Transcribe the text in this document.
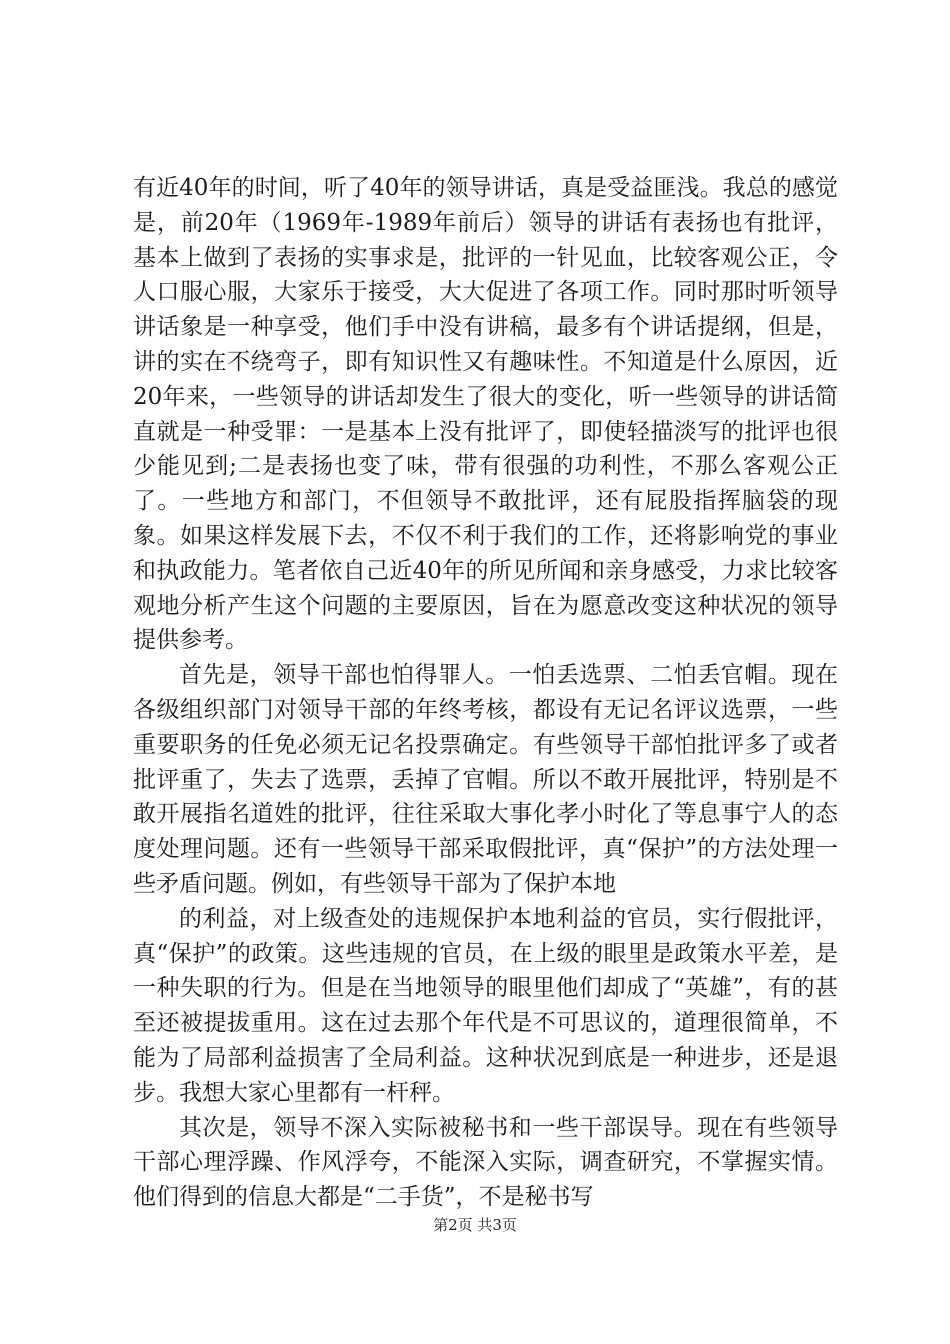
有近40年的时间，听了40年的领导讲话，真是受益匪浅。我总的感觉是，前20年（1969年-1989年前后）领导的讲话有表扬也有批评，基本上做到了表扬的实事求是，批评的一针见血，比较客观公正，令人口服心服，大家乐于接受，大大促进了各项工作。同时那时听领导讲话象是一种享受，他们手中没有讲稿，最多有个讲话提纲，但是，讲的实在不绕弯子，即有知识性又有趣味性。不知道是什么原因，近20年来，一些领导的讲话却发生了很大的变化，听一些领导的讲话简直就是一种受罪：一是基本上没有批评了，即使轻描淡写的批评也很少能见到;二是表扬也变了味，带有很强的功利性，不那么客观公正了。一些地方和部门，不但领导不敢批评，还有屁股指挥脑袋的现象。如果这样发展下去，不仅不利于我们的工作，还将影响党的事业和执政能力。笔者依自己近40年的所见所闻和亲身感受，力求比较客观地分析产生这个问题的主要原因，旨在为愿意改变这种状况的领导提供参考。

首先是，领导干部也怕得罪人。一怕丢选票、二怕丢官帽。现在各级组织部门对领导干部的年终考核，都设有无记名评议选票，一些重要职务的任免必须无记名投票确定。有些领导干部怕批评多了或者批评重了，失去了选票，丢掉了官帽。所以不敢开展批评，特别是不敢开展指名道姓的批评，往往采取大事化孝小时化了等息事宁人的态度处理问题。还有一些领导干部采取假批评，真“保护”的方法处理一些矛盾问题。例如，有些领导干部为了保护本地

的利益，对上级查处的违规保护本地利益的官员，实行假批评，真“保护”的政策。这些违规的官员，在上级的眼里是政策水平差，是一种失职的行为。但是在当地领导的眼里他们却成了“英雄”，有的甚至还被提拔重用。这在过去那个年代是不可思议的，道理很简单，不能为了局部利益损害了全局利益。这种状况到底是一种进步，还是退步。我想大家心里都有一杆秤。

其次是，领导不深入实际被秘书和一些干部误导。现在有些领导干部心理浮躁、作风浮夸，不能深入实际，调查研究，不掌握实情。他们得到的信息大都是“二手货”，不是秘书写

第2页 共3页
